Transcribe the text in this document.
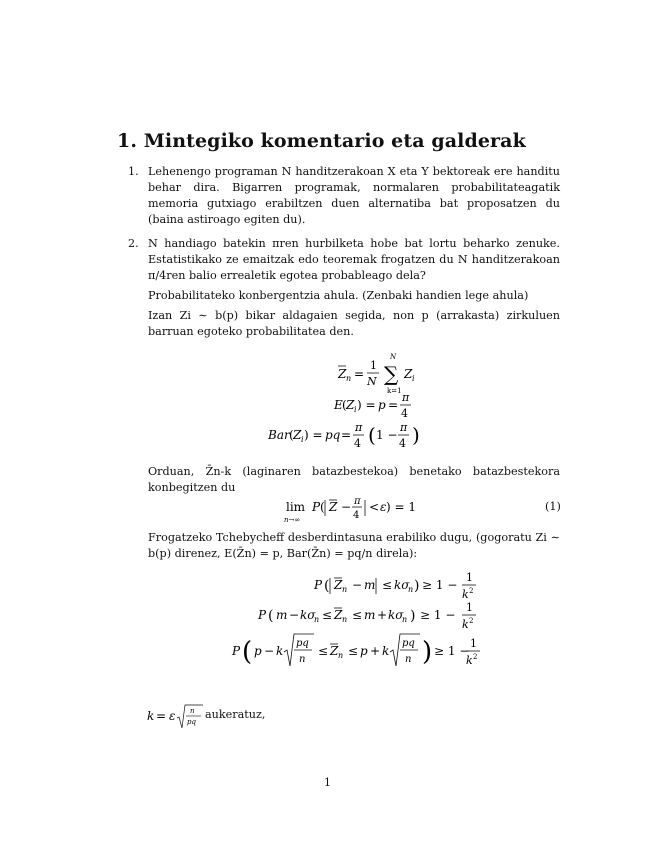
1. Mintegiko komentario eta galderak
1. Lehenengo programan N handitzerakoan X eta Y bektoreak ere handitu behar dira. Bigarren programak, normalaren probabilitateagatik memoria gutxiago erabiltzen duen alternatiba bat proposatzen du (baina astiroago egiten du).
2. N handiago batekin πren hurbilketa hobe bat lortu beharko zenuke. Estatistikako ze emaitzak edo teoremak frogatzen du N handitzerakoan π/4ren balio errealetik egotea probableago dela?
Probabilitateko konbergentzia ahula. (Zenbaki handien lege ahula)
Izan Zi ∼ b(p) bikar aldagaien segida, non p (arrakasta) zirkuluen barruan egoteko probabilitatea den.
Z n =
1
N
N
∑
k=1
Z i
E ( Z i ) = p =
π
4
Bar ( Z i ) = pq =
π
4 ( 1 −
π
4 )
Orduan, Z̄n-k (laginaren batazbestekoa) benetako batazbestekora konbegitzen du
lim
n→∞
P ( Z − π
4
< ε ) = 1	(1)
Frogatzeko Tchebycheff desberdintasuna erabiliko dugu, (gogoratu Zi ∼ b(p) direnez, E(Z̄n) = p, Bar(Z̄n) = pq/n direla):
P ( Z n − m ≤ kσ
n ) ≥ 1 −
1
k 2
P ( m − kσ
n ≤ Z n ≤ m + kσ
n ) ≥ 1 −
1
k 2
P ( p − k
pq
n
≤ Z n ≤ p + k
pq
n ) ≥ 1 −
1
k 2
k = ε n
pq
aukeratuz,
1
